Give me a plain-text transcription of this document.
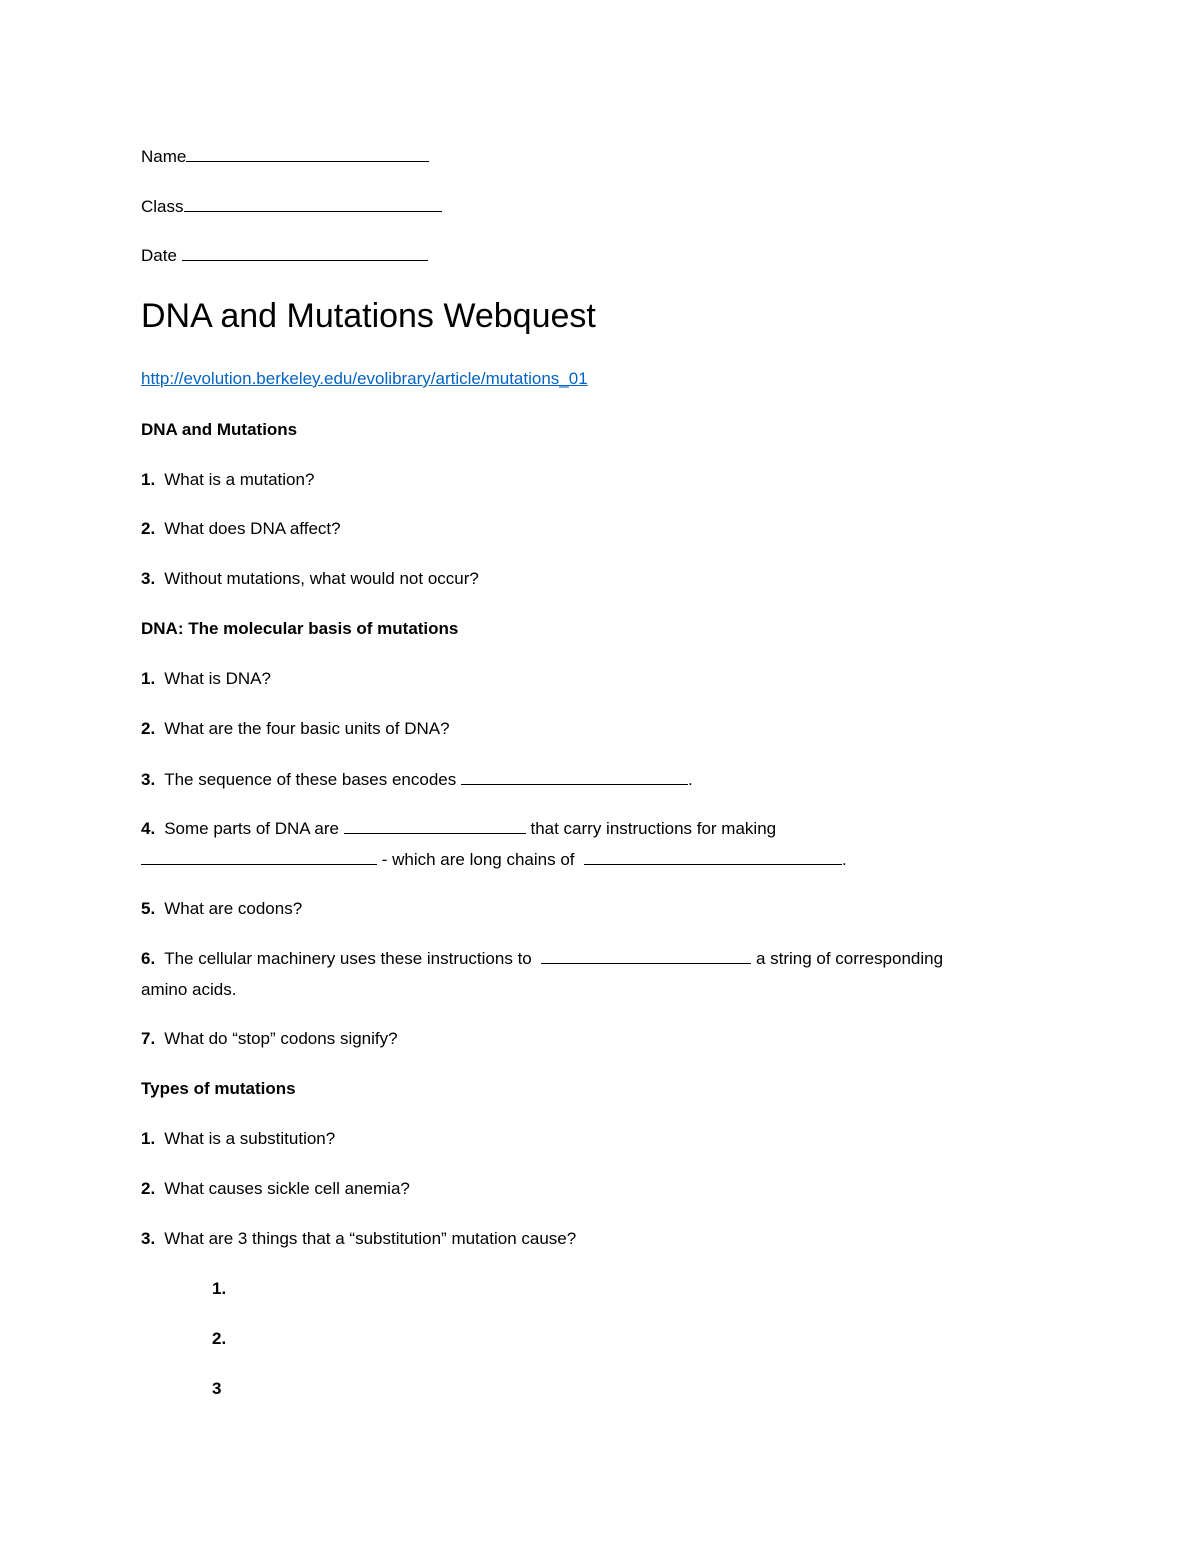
Name
Class
Date
DNA and Mutations Webquest
http://evolution.berkeley.edu/evolibrary/article/mutations_01
DNA and Mutations
1. What is a mutation?
2. What does DNA affect?
3. Without mutations, what would not occur?
DNA: The molecular basis of mutations
1. What is DNA?
2. What are the four basic units of DNA?
3. The sequence of these bases encodes	.
4. Some parts of DNA are	that carry instructions for making
- which are long chains of	.
5. What are codons?
6. The cellular machinery uses these instructions to	a string of corresponding
amino acids.
7. What do “stop” codons signify?
Types of mutations
1. What is a substitution?
2. What causes sickle cell anemia?
3. What are 3 things that a “substitution” mutation cause?
1.
2.
3
